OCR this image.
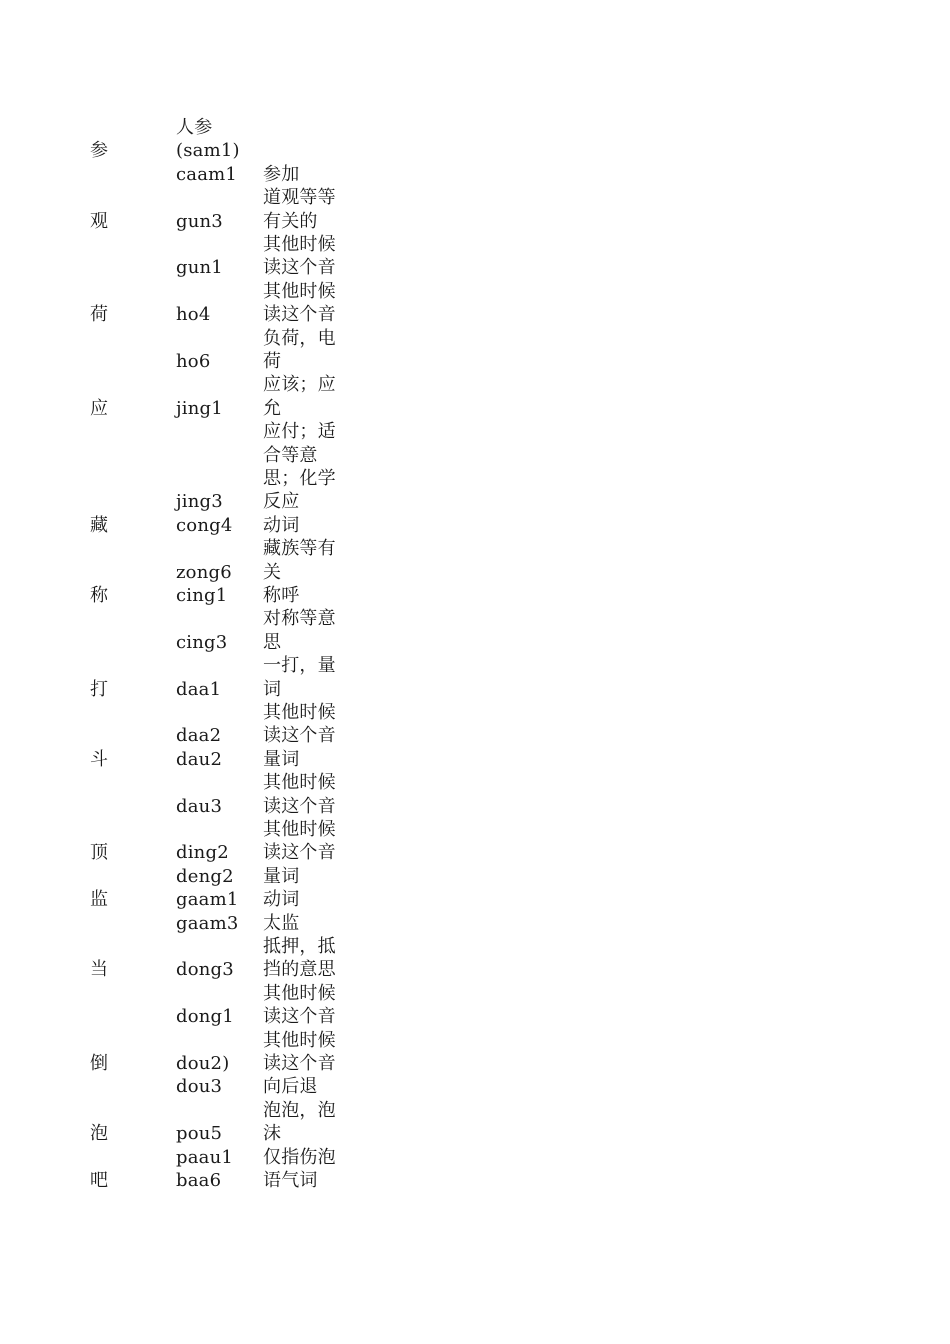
人参
(sam1)
caam1 参加
参
gun3
道观等等
有关的
gun1
其他时候
读这个音
观
ho4
其他时候
读这个音
ho6
负荷，电
荷
荷
jing1
应该；应
允
jing3
应付；适
合等意
思；化学
反应
应
cong4 动词
zong6
藏族等有
关
藏
cing1 称呼
cing3
对称等意
思
称
daa1
一打，量
词
daa2
其他时候
读这个音
打
dau2 量词
dau3
其他时候
读这个音
斗
ding2
其他时候
读这个音
deng2 量词
顶
gaam1 动词
gaam3 太监
监
dong3
抵押，抵
挡的意思
dong1
其他时候
读这个音
当
dou2)
其他时候
读这个音
dou3 向后退
倒
pou5
泡泡，泡
沫
paau1 仅指伤泡
泡
baa6 语气词
吧
